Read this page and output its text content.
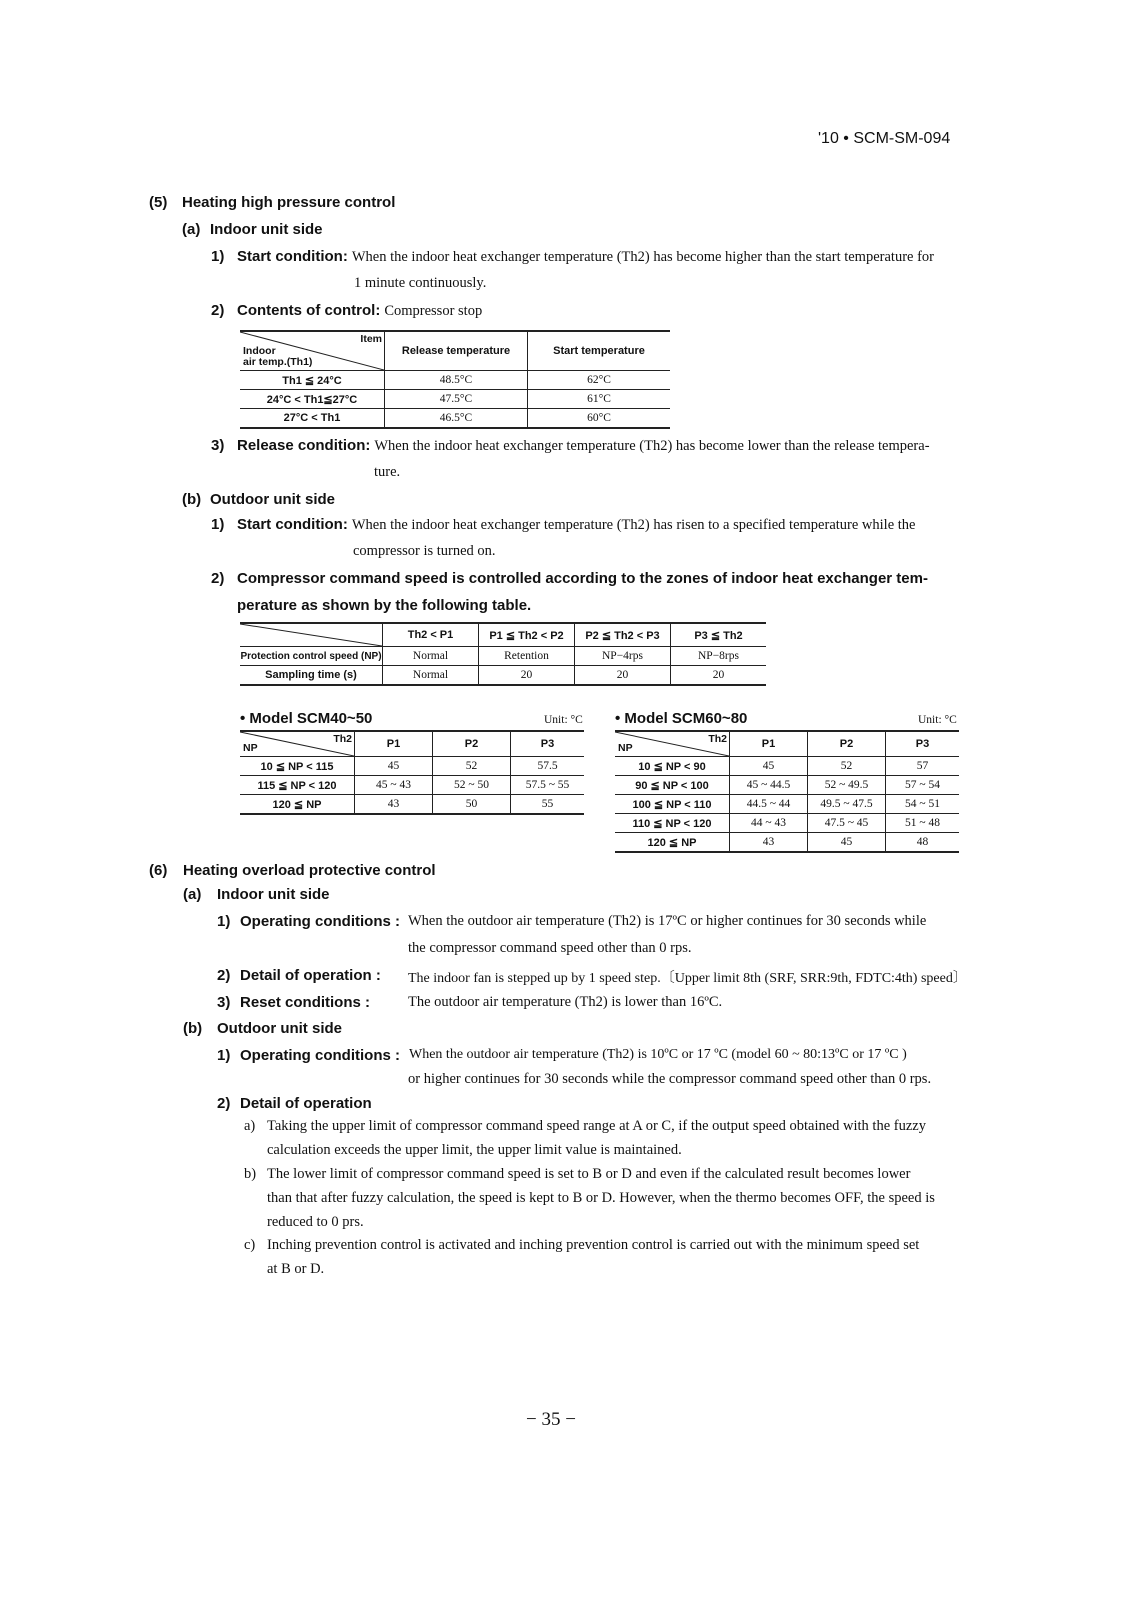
'10 • SCM-SM-094
(5) Heating high pressure control
(a) Indoor unit side
1) Start condition: When the indoor heat exchanger temperature (Th2) has become higher than the start temperature for
1 minute continuously.
2) Contents of control: Compressor stop
Item
Indoor
air temp.(Th1)	Release temperature	Start temperature
Th1 ≦ 24°C	48.5°C	62°C
24°C < Th1≦27°C	47.5°C	61°C
27°C < Th1	46.5°C	60°C
3) Release condition: When the indoor heat exchanger temperature (Th2) has become lower than the release tempera-
ture.
(b) Outdoor unit side
1) Start condition: When the indoor heat exchanger temperature (Th2) has risen to a specified temperature while the
compressor is turned on.
2) Compressor command speed is controlled according to the zones of indoor heat exchanger tem-
perature as shown by the following table.
	Th2 < P1	P1 ≦ Th2 < P2	P2 ≦ Th2 < P3	P3 ≦ Th2
Protection control speed (NP)	Normal	Retention	NP−4rps	NP−8rps
Sampling time (s)	Normal	20	20	20
• Model SCM40~50	Unit: °C
Th2
NP	P1	P2	P3
10 ≦ NP < 115	45	52	57.5
115 ≦ NP < 120	45 ~ 43	52 ~ 50	57.5 ~ 55
120 ≦ NP	43	50	55
• Model SCM60~80	Unit: °C
Th2
NP	P1	P2	P3
10 ≦ NP < 90	45	52	57
90 ≦ NP < 100	45 ~ 44.5	52 ~ 49.5	57 ~ 54
100 ≦ NP < 110	44.5 ~ 44	49.5 ~ 47.5	54 ~ 51
110 ≦ NP < 120	44 ~ 43	47.5 ~ 45	51 ~ 48
120 ≦ NP	43	45	48
(6) Heating overload protective control
(a) Indoor unit side
1) Operating conditions : When the outdoor air temperature (Th2) is 17ºC or higher continues for 30 seconds while
the compressor command speed other than 0 rps.
2) Detail of operation : The indoor fan is stepped up by 1 speed step.〔Upper limit 8th (SRF, SRR:9th, FDTC:4th) speed〕
3) Reset conditions :	The outdoor air temperature (Th2) is lower than 16ºC.
(b) Outdoor unit side
1) Operating conditions : When the outdoor air temperature (Th2) is 10ºC or 17 ºC (model 60 ~ 80:13ºC or 17 ºC )
or higher continues for 30 seconds while the compressor command speed other than 0 rps.
2) Detail of operation
a) Taking the upper limit of compressor command speed range at A or C, if the output speed obtained with the fuzzy
calculation exceeds the upper limit, the upper limit value is maintained.
b) The lower limit of compressor command speed is set to B or D and even if the calculated result becomes lower
than that after fuzzy calculation, the speed is kept to B or D. However, when the thermo becomes OFF, the speed is
reduced to 0 prs.
c) Inching prevention control is activated and inching prevention control is carried out with the minimum speed set
at B or D.
− 35 −
